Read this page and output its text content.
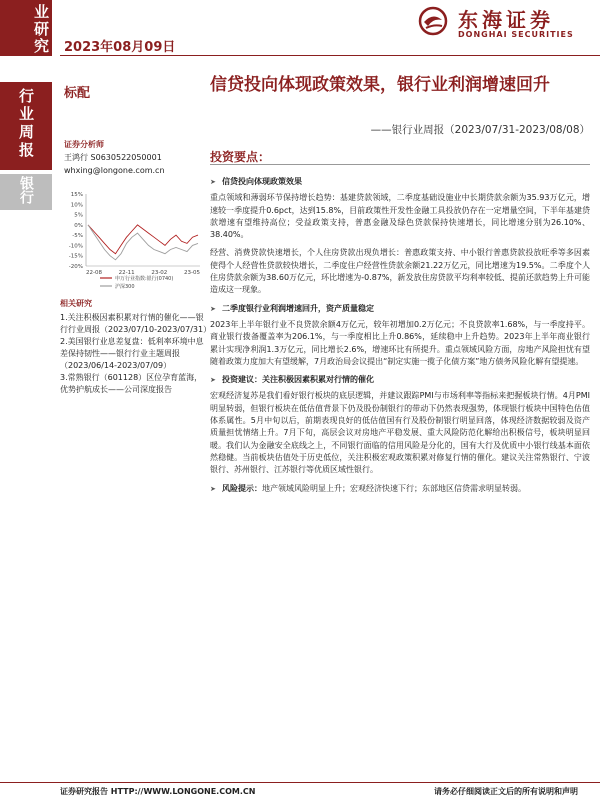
业研究
行业周报
银行
2023年08月09日
东海证券
DONGHAI SECURITIES
标配	信贷投向体现政策效果，银行业利润增速回升
——银行业周报（2023/07/31-2023/08/08）
证券分析师
王鸿行 S0630522050001
whxing@longone.com.cn
15%
10%
5%
0%
-5%
-10%
-15%
-20%
22-08	22-11	23-02	23-05
申万行业指数:银行(0740)
沪深300
相关研究
1.关注积极因素积累对行情的催化——银行行业周报（2023/07/10-2023/07/31）
2.美国银行业息差复盘：低利率环境中息差保持韧性——银行行业主题周报（2023/06/14-2023/07/09）
3.常熟银行（601128）区位孕育蓝海，优势护航成长——公司深度报告
投资要点：
➤ 信贷投向体现政策效果

重点领域和薄弱环节保持增长趋势：基建贷款领域，二季度基础设施业中长期贷款余额为35.93万亿元，增速较一季度提升0.6pct，达到15.8%，目前政策性开发性金融工具投放仍存在一定增量空间，下半年基建贷款增速有望维持高位；受益政策支持，普惠金融及绿色贷款保持快速增长，同比增速分别为26.10%、38.40%。

经营、消费贷款快速增长，个人住房贷款出现负增长：普惠政策支持、中小银行普惠贷款投放旺季等多因素使得个人经营性贷款较快增长，二季度住户经营性贷款余额21.22万亿元，同比增速为19.5%。二季度个人住房贷款余额为38.60万亿元，环比增速为-0.87%，新发放住房贷款平均利率较低、提前还款趋势上升可能造成这一现象。

➤ 二季度银行业利润增速回升，资产质量稳定

2023年上半年银行业不良贷款余额4万亿元，较年初增加0.2万亿元；不良贷款率1.68%，与一季度持平。商业银行拨备覆盖率为206.1%，与一季度相比上升0.86%，延续稳中上升趋势。2023年上半年商业银行累计实现净利润1.3万亿元，同比增长2.6%，增速环比有所提升。重点领域风险方面，房地产风险担忧有望随着政策力度加大有望缓解，7月政治局会议提出“制定实施一揽子化债方案”地方债务风险化解有望提速。

➤ 投资建议：关注积极因素积累对行情的催化

宏观经济复苏是我们看好银行板块的底层逻辑，并建议跟踪PMI与市场利率等指标来把握板块行情。4月PMI明显转弱，但银行板块在低估值背景下仍及股份制银行的带动下仍然表现强势，体现银行板块中国特色估值体系属性。5月中旬以后，前期表现良好的低估值国有行及股份制银行明显回落，体现经济数据较弱及资产质量担忧情绪上升。7月下旬，高层会议对房地产平稳发展、重大风险防范化解给出积极信号，板块明显回暖。我们认为金融安全底线之上，不同银行面临的信用风险是分化的，国有大行及优质中小银行线基本面依然稳健。当前板块估值处于历史低位，关注积极宏观政策积累对修复行情的催化。建议关注常熟银行、宁波银行、苏州银行、江苏银行等优质区域性银行。

➤ 风险提示：地产领域风险明显上升；宏观经济快速下行；东部地区信贷需求明显转弱。
证券研究报告 HTTP://WWW.LONGONE.COM.CN	请务必仔细阅读正文后的所有说明和声明
